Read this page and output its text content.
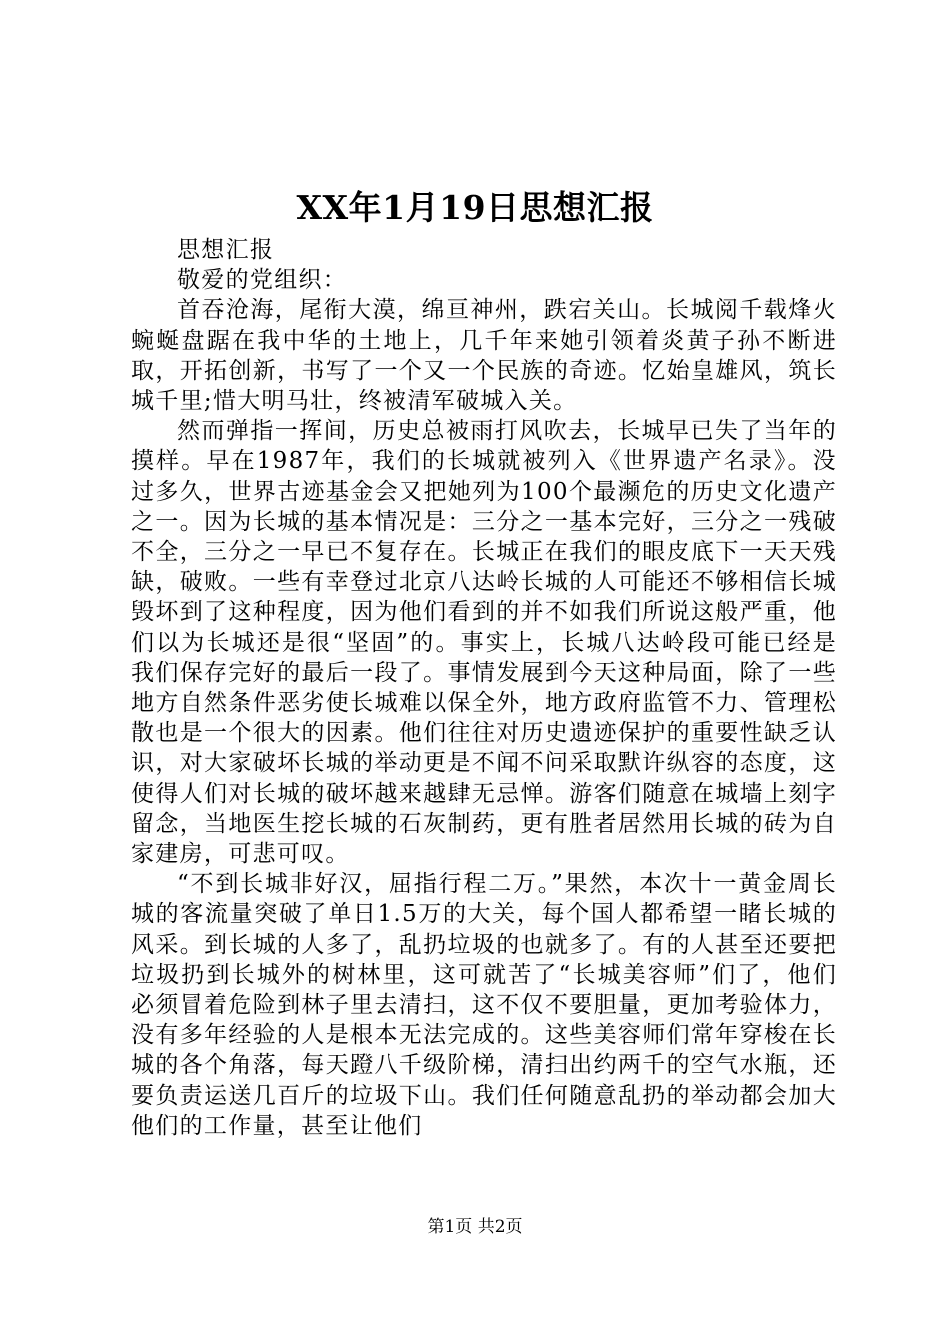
XX年1月19日思想汇报

思想汇报

敬爱的党组织：

首吞沧海，尾衔大漠，绵亘神州，跌宕关山。长城阅千载烽火蜿蜒盘踞在我中华的土地上，几千年来她引领着炎黄子孙不断进取，开拓创新，书写了一个又一个民族的奇迹。忆始皇雄风，筑长城千里;惜大明马壮，终被清军破城入关。

然而弹指一挥间，历史总被雨打风吹去，长城早已失了当年的摸样。早在1987年，我们的长城就被列入《世界遗产名录》。没过多久，世界古迹基金会又把她列为100个最濒危的历史文化遗产之一。因为长城的基本情况是：三分之一基本完好，三分之一残破不全，三分之一早已不复存在。长城正在我们的眼皮底下一天天残缺，破败。一些有幸登过北京八达岭长城的人可能还不够相信长城毁坏到了这种程度，因为他们看到的并不如我们所说这般严重，他们以为长城还是很“坚固”的。事实上，长城八达岭段可能已经是我们保存完好的最后一段了。事情发展到今天这种局面，除了一些地方自然条件恶劣使长城难以保全外，地方政府监管不力、管理松散也是一个很大的因素。他们往往对历史遗迹保护的重要性缺乏认识，对大家破坏长城的举动更是不闻不问采取默许纵容的态度，这使得人们对长城的破坏越来越肆无忌惮。游客们随意在城墙上刻字留念，当地医生挖长城的石灰制药，更有胜者居然用长城的砖为自家建房，可悲可叹。

“不到长城非好汉，屈指行程二万。”果然，本次十一黄金周长城的客流量突破了单日1.5万的大关，每个国人都希望一睹长城的风采。到长城的人多了，乱扔垃圾的也就多了。有的人甚至还要把垃圾扔到长城外的树林里，这可就苦了“长城美容师”们了，他们必须冒着危险到林子里去清扫，这不仅不要胆量，更加考验体力，没有多年经验的人是根本无法完成的。这些美容师们常年穿梭在长城的各个角落，每天蹬八千级阶梯，清扫出约两千的空气水瓶，还要负责运送几百斤的垃圾下山。我们任何随意乱扔的举动都会加大他们的工作量，甚至让他们

第1页 共2页
